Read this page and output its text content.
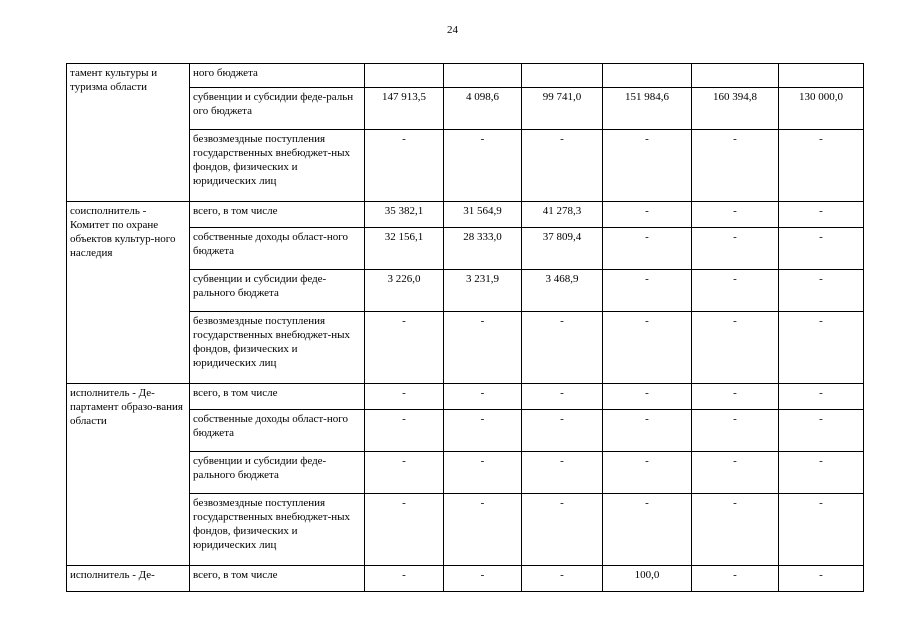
24
тамент культуры и туризма области	ного бюджета						
	субвенции и субсидии феде-ральн ого бюджета	147 913,5	4 098,6	99 741,0	151 984,6	160 394,8	130 000,0
	безвозмездные поступления государственных внебюджет-ных фондов, физических и юридических лиц	-	-	-	-	-	-
соисполнитель - Комитет по охране объектов культур-ного наследия	всего, в том числе	35 382,1	31 564,9	41 278,3	-	-	-
	собственные доходы област-ного бюджета	32 156,1	28 333,0	37 809,4	-	-	-
	субвенции и субсидии феде-рального бюджета	3 226,0	3 231,9	3 468,9	-	-	-
	безвозмездные поступления государственных внебюджет-ных фондов, физических и юридических лиц	-	-	-	-	-	-
исполнитель - Де-партамент образо-вания области	всего, в том числе	-	-	-	-	-	-
	собственные доходы област-ного бюджета	-	-	-	-	-	-
	субвенции и субсидии феде-рального бюджета	-	-	-	-	-	-
	безвозмездные поступления государственных внебюджет-ных фондов, физических и юридических лиц	-	-	-	-	-	-
исполнитель - Де-	всего, в том числе	-	-	-	100,0	-	-
